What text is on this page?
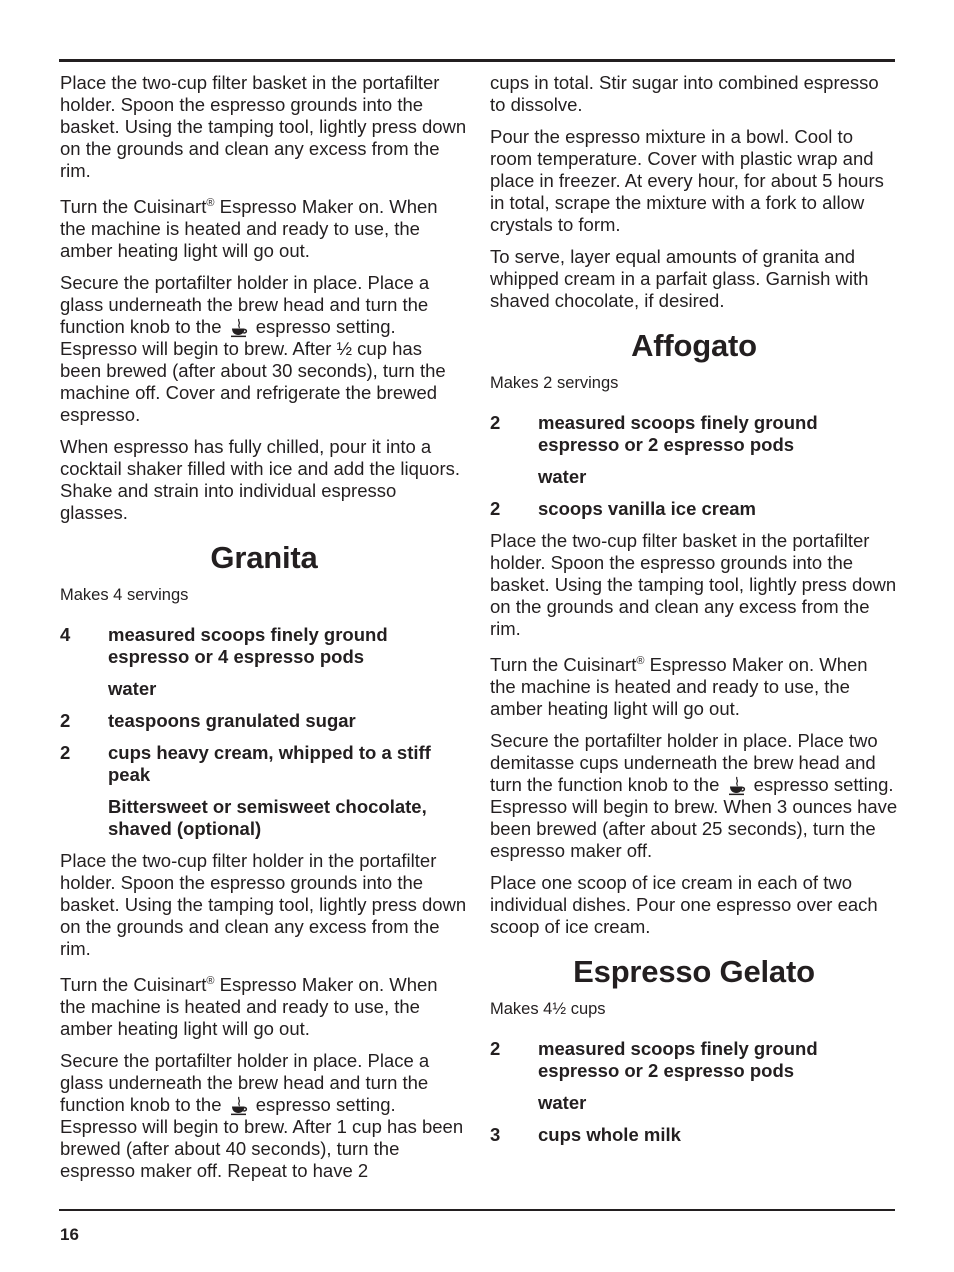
Place the two-cup filter basket in the portafilter holder. Spoon the espresso grounds into the basket. Using the tamping tool, lightly press down on the grounds and clean any excess from the rim.

Turn the Cuisinart® Espresso Maker on. When the machine is heated and ready to use, the amber heating light will go out.

Secure the portafilter holder in place. Place a glass underneath the brew head and turn the function knob to the espresso setting. Espresso will begin to brew. After ½ cup has been brewed (after about 30 seconds), turn the machine off. Cover and refrigerate the brewed espresso.

When espresso has fully chilled, pour it into a cocktail shaker filled with ice and add the liquors. Shake and strain into individual espresso glasses.

Granita

Makes 4 servings

4	measured scoops finely ground espresso or 4 espresso pods
water
2	teaspoons granulated sugar
2	cups heavy cream, whipped to a stiff peak
Bittersweet or semisweet chocolate, shaved (optional)

Place the two-cup filter holder in the portafilter holder. Spoon the espresso grounds into the basket. Using the tamping tool, lightly press down on the grounds and clean any excess from the rim.

Turn the Cuisinart® Espresso Maker on. When the machine is heated and ready to use, the amber heating light will go out.

Secure the portafilter holder in place. Place a glass underneath the brew head and turn the function knob to the espresso setting. Espresso will begin to brew. After 1 cup has been brewed (after about 40 seconds), turn the espresso maker off. Repeat to have 2

cups in total. Stir sugar into combined espresso to dissolve.

Pour the espresso mixture in a bowl. Cool to room temperature. Cover with plastic wrap and place in freezer. At every hour, for about 5 hours in total, scrape the mixture with a fork to allow crystals to form.

To serve, layer equal amounts of granita and whipped cream in a parfait glass. Garnish with shaved chocolate, if desired.

Affogato

Makes 2 servings

2	measured scoops finely ground espresso or 2 espresso pods
water
2	scoops vanilla ice cream

Place the two-cup filter basket in the portafilter holder. Spoon the espresso grounds into the basket. Using the tamping tool, lightly press down on the grounds and clean any excess from the rim.

Turn the Cuisinart® Espresso Maker on. When the machine is heated and ready to use, the amber heating light will go out.

Secure the portafilter holder in place. Place two demitasse cups underneath the brew head and turn the function knob to the espresso setting. Espresso will begin to brew. When 3 ounces have been brewed (after about 25 seconds), turn the espresso maker off.

Place one scoop of ice cream in each of two individual dishes. Pour one espresso over each scoop of ice cream.

Espresso Gelato

Makes 4½ cups

2	measured scoops finely ground espresso or 2 espresso pods
water
3	cups whole milk
16
